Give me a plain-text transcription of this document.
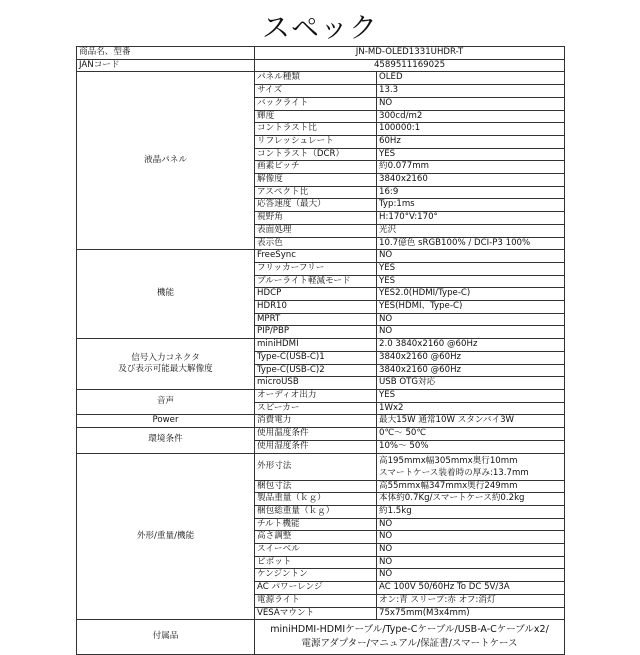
スペック
商品名、型番	JN-MD-OLED1331UHDR-T	
JANコード	4589511169025	
液晶パネル	パネル種類	OLED
	サイズ	13.3
	バックライト	NO
	輝度	300cd/m2
	コントラスト比	100000:1
	リフレッシュレート	60Hz
	コントラスト（DCR）	YES
	画素ピッチ	約0.077mm
	解像度	3840x2160
	アスペクト比	16:9
	応答速度（最大）	Typ:1ms
	視野角	H:170°V:170°
	表面処理	光沢
	表示色	10.7億色 sRGB100% / DCI-P3 100%
機能	FreeSync	NO
	フリッカーフリー	YES
	ブルーライト軽減モード	YES
	HDCP	YES2.0(HDMI/Type-C)
	HDR10	YES(HDMI、Type-C)
	MPRT	NO
	PIP/PBP	NO
信号入力コネクタ
及び表示可能最大解像度	miniHDMI	2.0 3840x2160 @60Hz
	Type-C(USB-C)1	3840x2160 @60Hz
	Type-C(USB-C)2	3840x2160 @60Hz
	microUSB	USB OTG対応
音声	オーディオ出力	YES
	スピーカー	1Wx2
Power	消費電力	最大15W 通常10W スタンバイ3W
環境条件	使用温度条件	0℃～ 50℃
	使用湿度条件	10%～ 50%
外形/重量/機能	外形寸法	高195mmx幅305mmx奥行10mm
スマートケース装着時の厚み:13.7mm
	梱包寸法	高55mmx幅347mmx奥行249mm
	製品重量（ｋｇ）	本体約0.7Kg/スマートケース約0.2kg
	梱包総重量（ｋｇ）	約1.5kg
	チルト機能	NO
	高さ調整	NO
	スイーベル	NO
	ピボット	NO
	ケンジントン	NO
	AC パワーレンジ	AC 100V 50/60Hz To DC 5V/3A
	電源ライト	オン:青 スリープ:赤 オフ:消灯
	VESAマウント	75x75mm(M3x4mm)
付属品	miniHDMI-HDMIケーブル/Type-Cケーブル/USB-A-Cケーブルx2/
電源アダプター/マニュアル/保証書/スマートケース	
